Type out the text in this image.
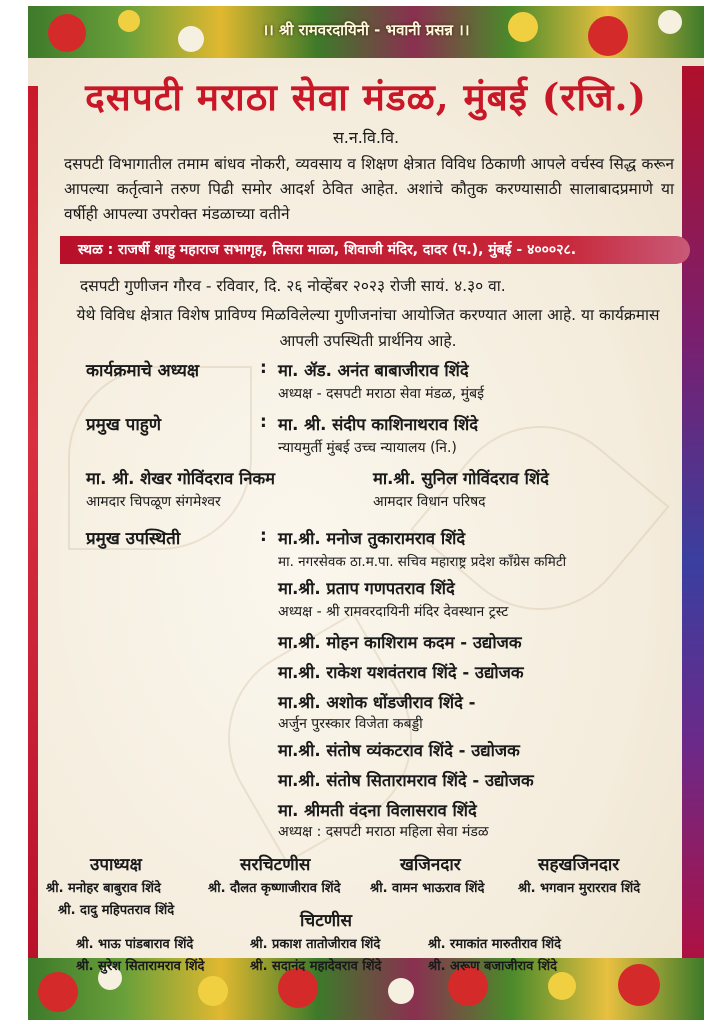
।। श्री रामवरदायिनी - भवानी प्रसन्न ।।
दसपटी मराठा सेवा मंडळ, मुंबई (रजि.)
स.न.वि.वि.
दसपटी विभागातील तमाम बांधव नोकरी, व्यवसाय व शिक्षण क्षेत्रात विविध ठिकाणी आपले वर्चस्व सिद्ध करून आपल्या कर्तृत्वाने तरुण पिढी समोर आदर्श ठेवित आहेत. अशांचे कौतुक करण्यासाठी सालाबादप्रमाणे या वर्षीही आपल्या उपरोक्त मंडळाच्या वतीने
स्थळ : राजर्षी शाहु महाराज सभागृह, तिसरा माळा, शिवाजी मंदिर, दादर (प.), मुंबई - ४०००२८.
दसपटी गुणीजन गौरव - रविवार, दि. २६ नोव्हेंबर २०२३ रोजी सायं. ४.३० वा.
येथे विविध क्षेत्रात विशेष प्राविण्य मिळविलेल्या गुणीजनांचा आयोजित करण्यात आला आहे. या कार्यक्रमास आपली उपस्थिती प्रार्थनिय आहे.
कार्यक्रमाचे अध्यक्ष	: मा. ॲड. अनंत बाबाजीराव शिंदे
अध्यक्ष - दसपटी मराठा सेवा मंडळ, मुंबई
प्रमुख पाहुणे	: मा. श्री. संदीप काशिनाथराव शिंदे
न्यायमुर्ती मुंबई उच्च न्यायालय (नि.)
मा. श्री. शेखर गोविंदराव निकम
आमदार चिपळूण संगमेश्वर
मा.श्री. सुनिल गोविंदराव शिंदे
आमदार विधान परिषद
प्रमुख उपस्थिती	: मा.श्री. मनोज तुकारामराव शिंदे
मा. नगरसेवक ठा.म.पा. सचिव महाराष्ट्र प्रदेश काँग्रेस कमिटी
मा.श्री. प्रताप गणपतराव शिंदे
अध्यक्ष - श्री रामवरदायिनी मंदिर देवस्थान ट्रस्ट
मा.श्री. मोहन काशिराम कदम - उद्योजक
मा.श्री. राकेश यशवंतराव शिंदे - उद्योजक
मा.श्री. अशोक धोंडजीराव शिंदे -
अर्जुन पुरस्कार विजेता कबड्डी
मा.श्री. संतोष व्यंकटराव शिंदे - उद्योजक
मा.श्री. संतोष सितारामराव शिंदे - उद्योजक
मा. श्रीमती वंदना विलासराव शिंदे
अध्यक्ष : दसपटी मराठा महिला सेवा मंडळ
उपाध्यक्ष	सरचिटणीस	खजिनदार	सहखजिनदार
श्री. मनोहर बाबुराव शिंदे	श्री. दौलत कृष्णाजीराव शिंदे श्री. वामन भाऊराव शिंदे	श्री. भगवान मुरारराव शिंदे
श्री. दादु महिपतराव शिंदे
चिटणीस
श्री. भाऊ पांडबाराव शिंदे	श्री. प्रकाश तातोजीराव शिंदे	श्री. रमाकांत मारुतीराव शिंदे
श्री. सुरेश सितारामराव शिंदे	श्री. सदानंद महादेवराव शिंदे	श्री. अरूण बजाजीराव शिंदे
